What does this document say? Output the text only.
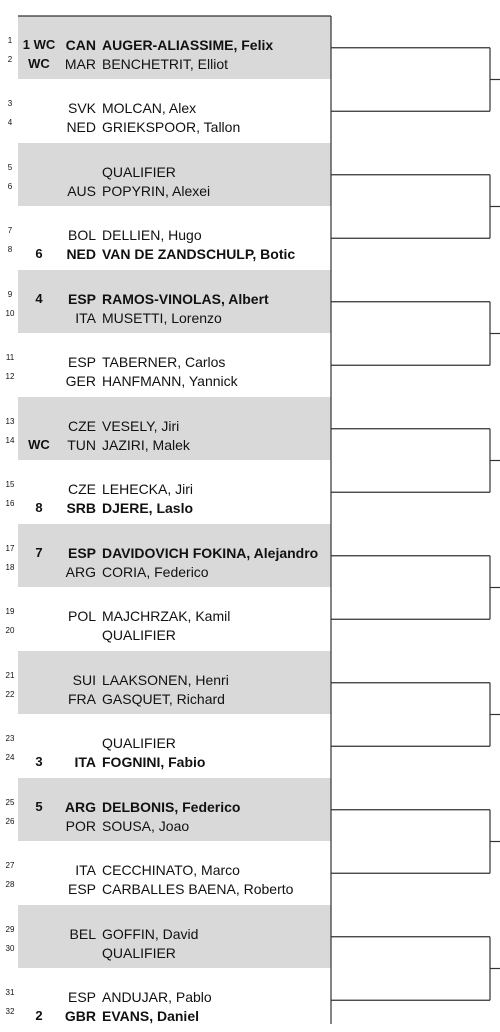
1 1 WC CAN AUGER-ALIASSIME, Felix
2	WC	MAR BENCHETRIT, Elliot
3	SVK MOLCAN, Alex
4	NED GRIEKSPOOR, Tallon
5	QUALIFIER
6	AUS POPYRIN, Alexei
7	BOL DELLIEN, Hugo
8	6	NED VAN DE ZANDSCHULP, Botic
9	4	ESP RAMOS-VINOLAS, Albert
10	ITA MUSETTI, Lorenzo
11	ESP TABERNER, Carlos
12	GER HANFMANN, Yannick
13	CZE VESELY, Jiri
14	WC	TUN JAZIRI, Malek
15	CZE LEHECKA, Jiri
16	8	SRB DJERE, Laslo
17	7	ESP DAVIDOVICH FOKINA, Alejandro
18	ARG CORIA, Federico
19	POL MAJCHRZAK, Kamil
20	QUALIFIER
21	SUI LAAKSONEN, Henri
22	FRA GASQUET, Richard
23	QUALIFIER
24	3	ITA FOGNINI, Fabio
25	5	ARG DELBONIS, Federico
26	POR SOUSA, Joao
27	ITA CECCHINATO, Marco
28	ESP CARBALLES BAENA, Roberto
29	BEL GOFFIN, David
30	QUALIFIER
31	ESP ANDUJAR, Pablo
32	2	GBR EVANS, Daniel
